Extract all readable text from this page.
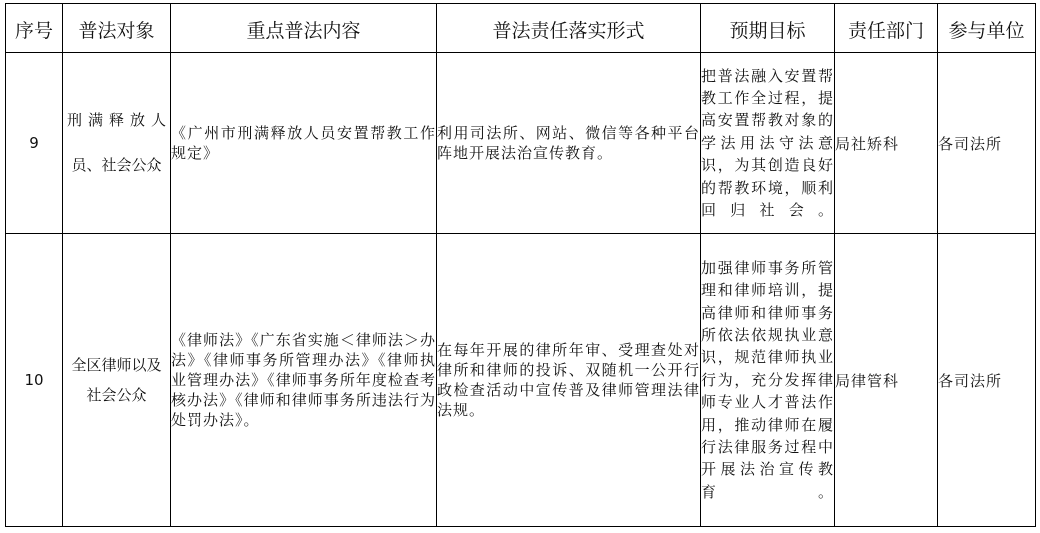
序号	普法对象	重点普法内容	普法责任落实形式	预期目标	责任部门	参与单位
9	刑满释放人员、社会公众	《广州市刑满释放人员安置帮教工作规定》	利用司法所、网站、微信等各种平台阵地开展法治宣传教育。	把普法融入安置帮教工作全过程，提高安置帮教对象的学法用法守法意识，为其创造良好的帮教环境，顺利回归社会。	局社矫科	各司法所
10	全区律师以及社会公众	《律师法》《广东省实施＜律师法＞办法》《律师事务所管理办法》《律师执业管理办法》《律师事务所年度检查考核办法》《律师和律师事务所违法行为处罚办法》。	在每年开展的律所年审、受理查处对律所和律师的投诉、双随机一公开行政检查活动中宣传普及律师管理法律法规。	加强律师事务所管理和律师培训，提高律师和律师事务所依法依规执业意识，规范律师执业行为，充分发挥律师专业人才普法作用，推动律师在履行法律服务过程中开展法治宣传教育。	局律管科	各司法所
